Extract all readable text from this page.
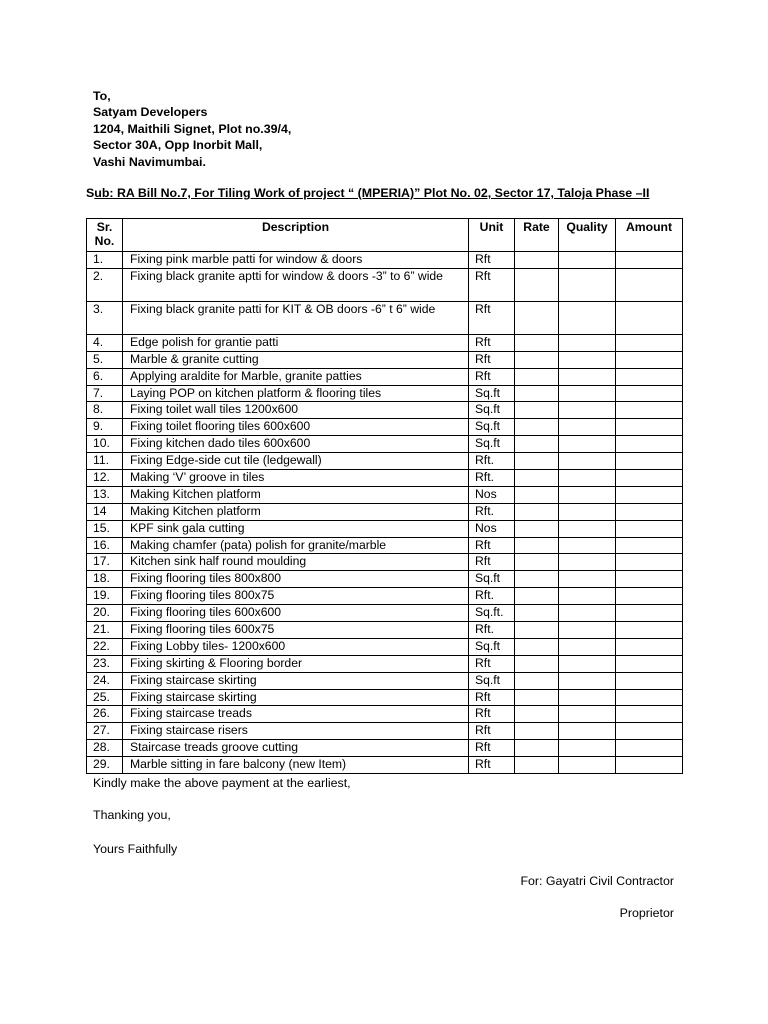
To,
Satyam Developers
1204, Maithili Signet, Plot no.39/4,
Sector 30A, Opp Inorbit Mall,
Vashi Navimumbai.
Sub: RA Bill No.7, For Tiling Work of project “ (MPERIA)” Plot No. 02, Sector 17, Taloja Phase –II
Sr.
No.	Description	Unit	Rate	Quality	Amount
1.	Fixing pink marble patti for window & doors	Rft			
2.	Fixing black granite aptti for window & doors -3” to 6” wide	Rft			
3.	Fixing black granite patti for KIT & OB doors -6” t 6” wide	Rft			
4.	Edge polish for grantie patti	Rft			
5.	Marble & granite cutting	Rft			
6.	Applying araldite for Marble, granite patties	Rft			
7.	Laying POP on kitchen platform & flooring tiles	Sq.ft			
8.	Fixing toilet wall tiles 1200x600	Sq.ft			
9.	Fixing toilet flooring tiles 600x600	Sq.ft			
10.	Fixing kitchen dado tiles 600x600	Sq.ft			
11.	Fixing Edge-side cut tile (ledgewall)	Rft.			
12.	Making ‘V’ groove in tiles	Rft.			
13.	Making Kitchen platform	Nos			
14	Making Kitchen platform	Rft.			
15.	KPF sink gala cutting	Nos			
16.	Making chamfer (pata) polish for granite/marble	Rft			
17.	Kitchen sink half round moulding	Rft			
18.	Fixing flooring tiles 800x800	Sq.ft			
19.	Fixing flooring tiles 800x75	Rft.			
20.	Fixing flooring tiles 600x600	Sq.ft.			
21.	Fixing flooring tiles 600x75	Rft.			
22.	Fixing Lobby tiles- 1200x600	Sq.ft			
23.	Fixing skirting & Flooring border	Rft			
24.	Fixing staircase skirting	Sq.ft			
25.	Fixing staircase skirting	Rft			
26.	Fixing staircase treads	Rft			
27.	Fixing staircase risers	Rft			
28.	Staircase treads groove cutting	Rft			
29.	Marble sitting in fare balcony (new Item)	Rft			
Kindly make the above payment at the earliest,
Thanking you,
Yours Faithfully
For: Gayatri Civil Contractor
Proprietor
